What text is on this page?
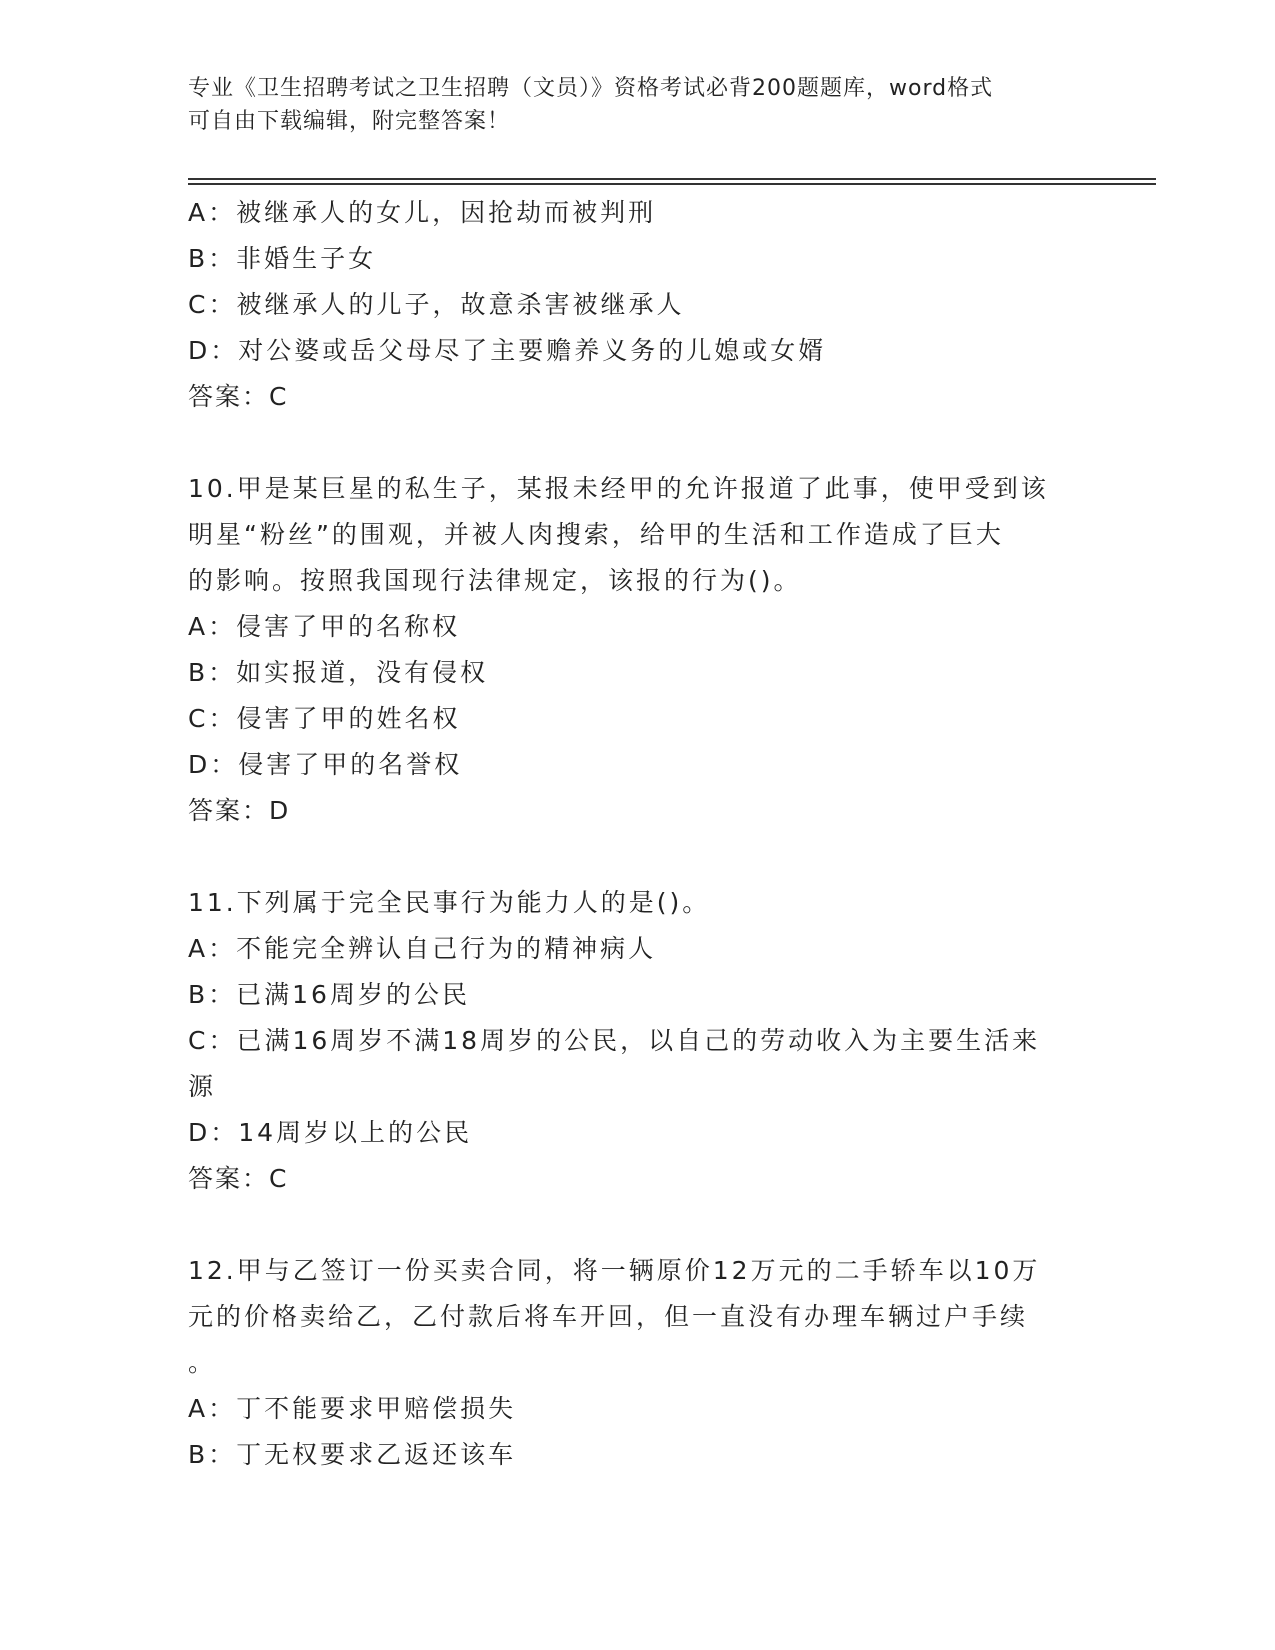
专业《卫生招聘考试之卫生招聘（文员）》资格考试必背200题题库，word格式
可自由下载编辑，附完整答案！
A：被继承人的女儿，因抢劫而被判刑
B：非婚生子女
C：被继承人的儿子，故意杀害被继承人
D：对公婆或岳父母尽了主要赡养义务的儿媳或女婿
答案：C
10.甲是某巨星的私生子，某报未经甲的允许报道了此事，使甲受到该
明星“粉丝”的围观，并被人肉搜索，给甲的生活和工作造成了巨大
的影响。按照我国现行法律规定，该报的行为()。
A：侵害了甲的名称权
B：如实报道，没有侵权
C：侵害了甲的姓名权
D：侵害了甲的名誉权
答案：D
11.下列属于完全民事行为能力人的是()。
A：不能完全辨认自己行为的精神病人
B：已满16周岁的公民
C：已满16周岁不满18周岁的公民，以自己的劳动收入为主要生活来
源
D：14周岁以上的公民
答案：C
12.甲与乙签订一份买卖合同，将一辆原价12万元的二手轿车以10万
元的价格卖给乙，乙付款后将车开回，但一直没有办理车辆过户手续
。
A：丁不能要求甲赔偿损失
B：丁无权要求乙返还该车
